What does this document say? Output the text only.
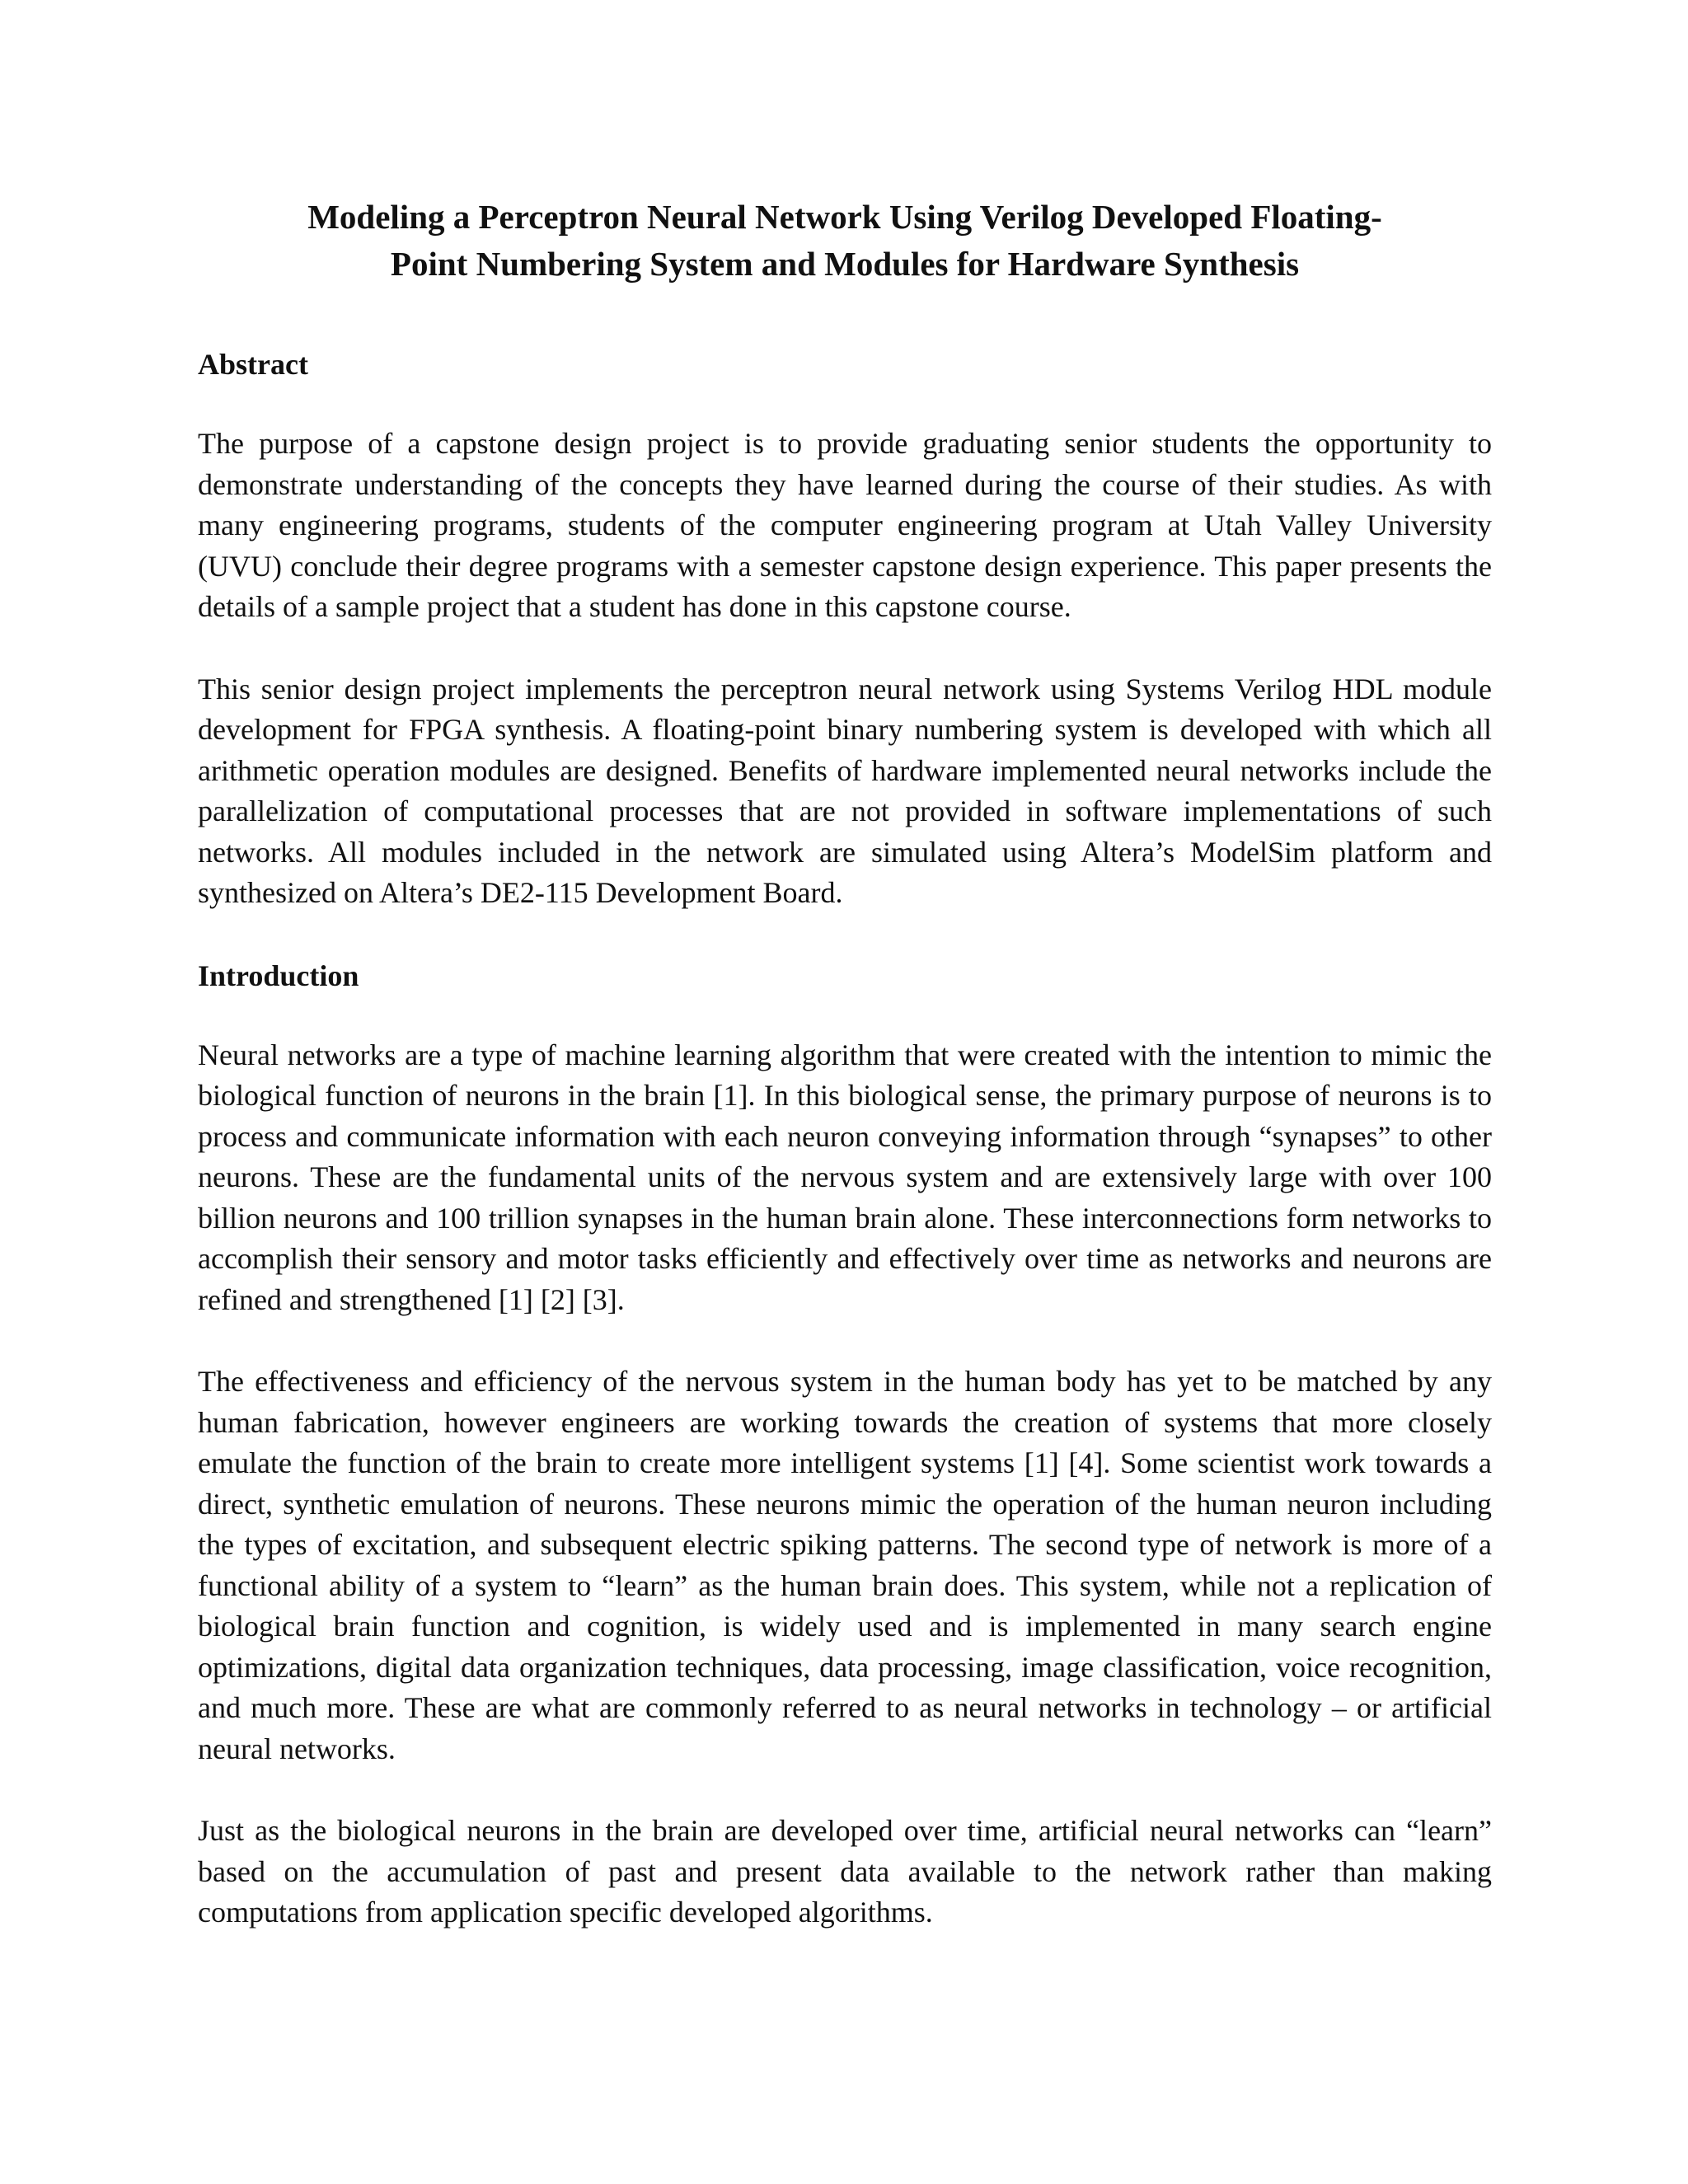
Modeling a Perceptron Neural Network Using Verilog Developed Floating-
Point Numbering System and Modules for Hardware Synthesis
Abstract

The purpose of a capstone design project is to provide graduating senior students the opportunity to demonstrate understanding of the concepts they have learned during the course of their studies. As with many engineering programs, students of the computer engineering program at Utah Valley University (UVU) conclude their degree programs with a semester capstone design experience. This paper presents the details of a sample project that a student has done in this capstone course.

This senior design project implements the perceptron neural network using Systems Verilog HDL module development for FPGA synthesis. A floating-point binary numbering system is developed with which all arithmetic operation modules are designed. Benefits of hardware implemented neural networks include the parallelization of computational processes that are not provided in software implementations of such networks. All modules included in the network are simulated using Altera’s ModelSim platform and synthesized on Altera’s DE2-115 Development Board.

Introduction

Neural networks are a type of machine learning algorithm that were created with the intention to mimic the biological function of neurons in the brain [1]. In this biological sense, the primary purpose of neurons is to process and communicate information with each neuron conveying information through “synapses” to other neurons. These are the fundamental units of the nervous system and are extensively large with over 100 billion neurons and 100 trillion synapses in the human brain alone. These interconnections form networks to accomplish their sensory and motor tasks efficiently and effectively over time as networks and neurons are refined and strengthened [1] [2] [3].

The effectiveness and efficiency of the nervous system in the human body has yet to be matched by any human fabrication, however engineers are working towards the creation of systems that more closely emulate the function of the brain to create more intelligent systems [1] [4]. Some scientist work towards a direct, synthetic emulation of neurons. These neurons mimic the operation of the human neuron including the types of excitation, and subsequent electric spiking patterns. The second type of network is more of a functional ability of a system to “learn” as the human brain does. This system, while not a replication of biological brain function and cognition, is widely used and is implemented in many search engine optimizations, digital data organization techniques, data processing, image classification, voice recognition, and much more. These are what are commonly referred to as neural networks in technology – or artificial neural networks.

Just as the biological neurons in the brain are developed over time, artificial neural networks can “learn” based on the accumulation of past and present data available to the network rather than making computations from application specific developed algorithms.
